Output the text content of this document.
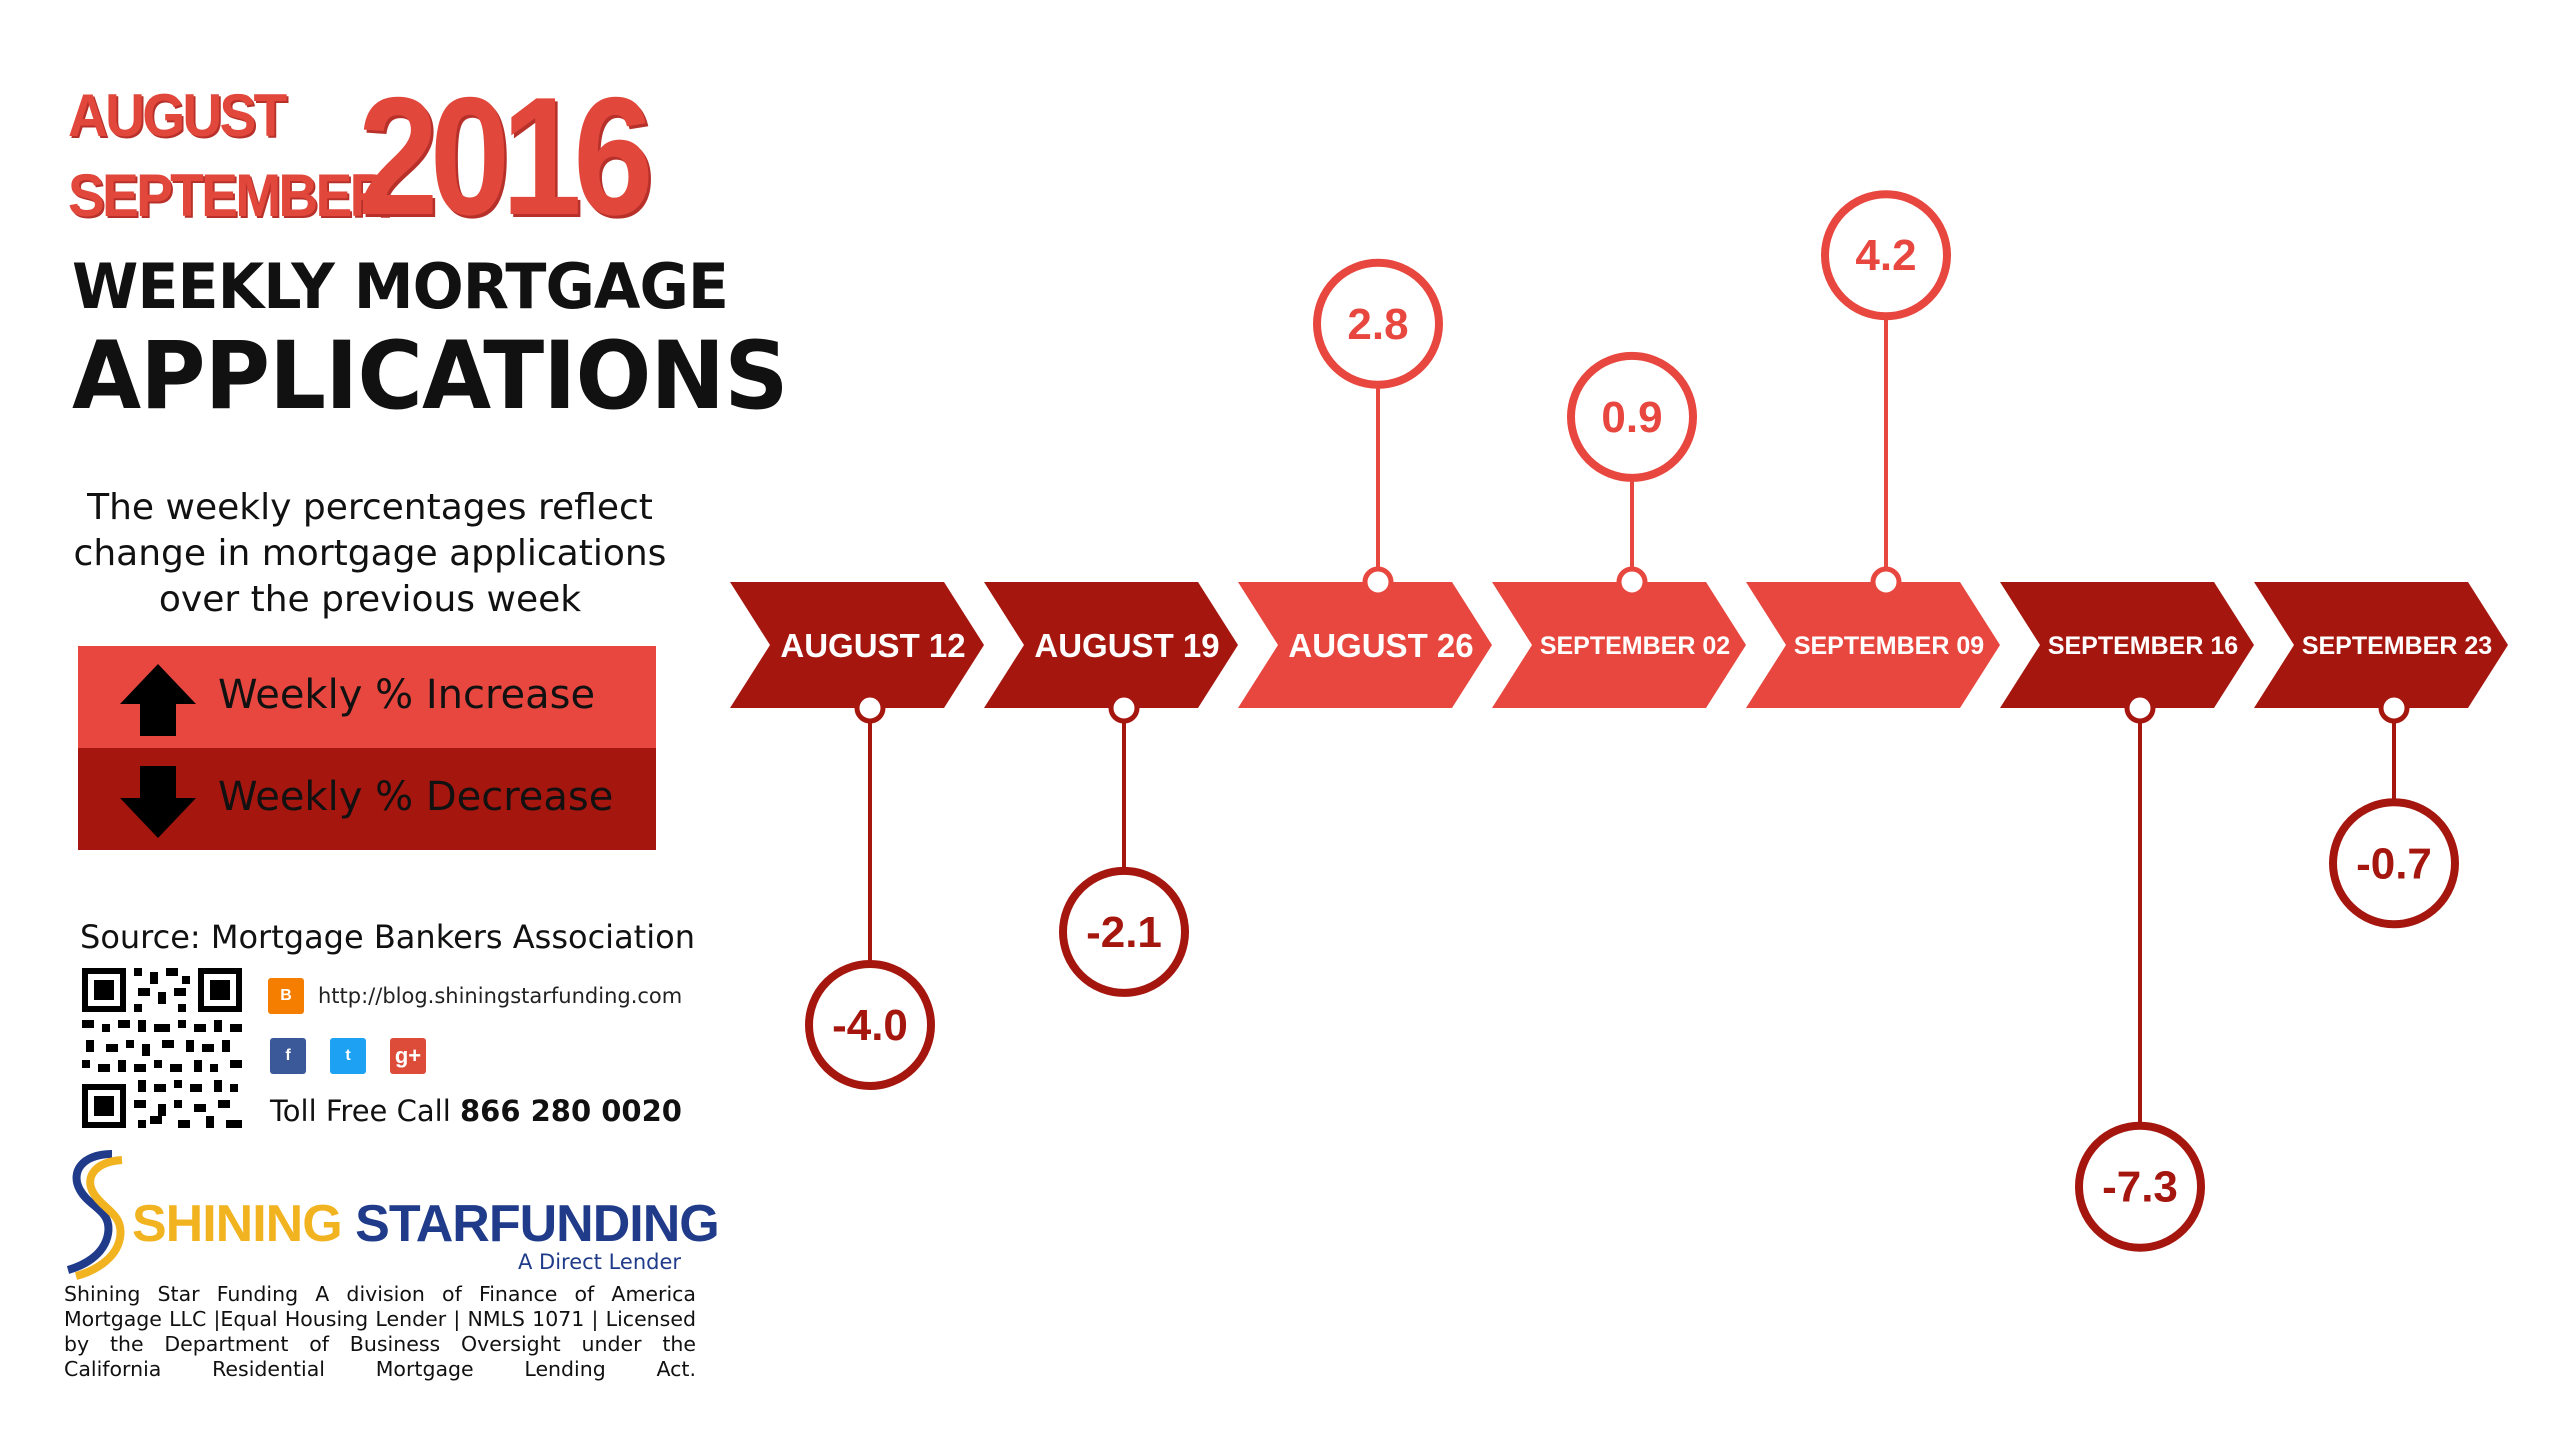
AUGUST
SEPTEMBER
2016
WEEKLY MORTGAGE
APPLICATIONS
The weekly percentages reflect change in mortgage applications over the previous week
Weekly % Increase
Weekly % Decrease
Source: Mortgage Bankers Association
B	http://blog.shiningstarfunding.com
f	t	g+
Toll Free Call 866 280 0020
SHINING STARFUNDING
A Direct Lender
Shining Star Funding A division of Finance of America Mortgage LLC |Equal Housing Lender | NMLS 1071 | Licensed by the Department of Business Oversight under the California Residential Mortgage Lending Act.
AUGUST 12
-4.0
AUGUST 19
-2.1
AUGUST 26
2.8
SEPTEMBER 02
0.9
SEPTEMBER 09
4.2
SEPTEMBER 16
-7.3
SEPTEMBER 23
-0.7
